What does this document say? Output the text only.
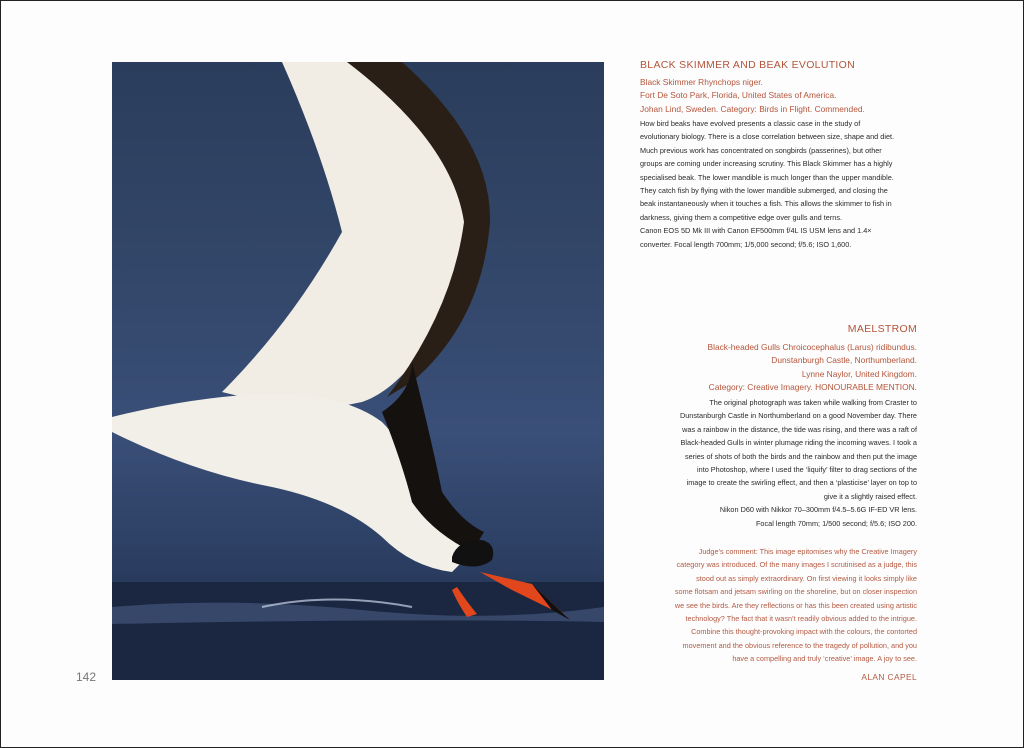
142
BLACK SKIMMER AND BEAK EVOLUTION
Black Skimmer Rhynchops niger.
Fort De Soto Park, Florida, United States of America.
Johan Lind, Sweden. Category: Birds in Flight. Commended.
How bird beaks have evolved presents a classic case in the study of
evolutionary biology. There is a close correlation between size, shape and diet.
Much previous work has concentrated on songbirds (passerines), but other
groups are coming under increasing scrutiny. This Black Skimmer has a highly
specialised beak. The lower mandible is much longer than the upper mandible.
They catch fish by flying with the lower mandible submerged, and closing the
beak instantaneously when it touches a fish. This allows the skimmer to fish in
darkness, giving them a competitive edge over gulls and terns.
Canon EOS 5D Mk III with Canon EF500mm f/4L IS USM lens and 1.4×
converter. Focal length 700mm; 1/5,000 second; f/5.6; ISO 1,600.
MAELSTROM
Black-headed Gulls Chroicocephalus (Larus) ridibundus.
Dunstanburgh Castle, Northumberland.
Lynne Naylor, United Kingdom.
Category: Creative Imagery. HONOURABLE MENTION.
The original photograph was taken while walking from Craster to
Dunstanburgh Castle in Northumberland on a good November day. There
was a rainbow in the distance, the tide was rising, and there was a raft of
Black-headed Gulls in winter plumage riding the incoming waves. I took a
series of shots of both the birds and the rainbow and then put the image
into Photoshop, where I used the ‘liquify’ filter to drag sections of the
image to create the swirling effect, and then a ‘plasticise’ layer on top to
give it a slightly raised effect.
Nikon D60 with Nikkor 70–300mm f/4.5–5.6G IF-ED VR lens.
Focal length 70mm; 1/500 second; f/5.6; ISO 200.
Judge’s comment: This image epitomises why the Creative Imagery
category was introduced. Of the many images I scrutinised as a judge, this
stood out as simply extraordinary. On first viewing it looks simply like
some flotsam and jetsam swirling on the shoreline, but on closer inspection
we see the birds. Are they reflections or has this been created using artistic
technology? The fact that it wasn’t readily obvious added to the intrigue.
Combine this thought-provoking impact with the colours, the contorted
movement and the obvious reference to the tragedy of pollution, and you
have a compelling and truly ‘creative’ image. A joy to see.
ALAN CAPEL
